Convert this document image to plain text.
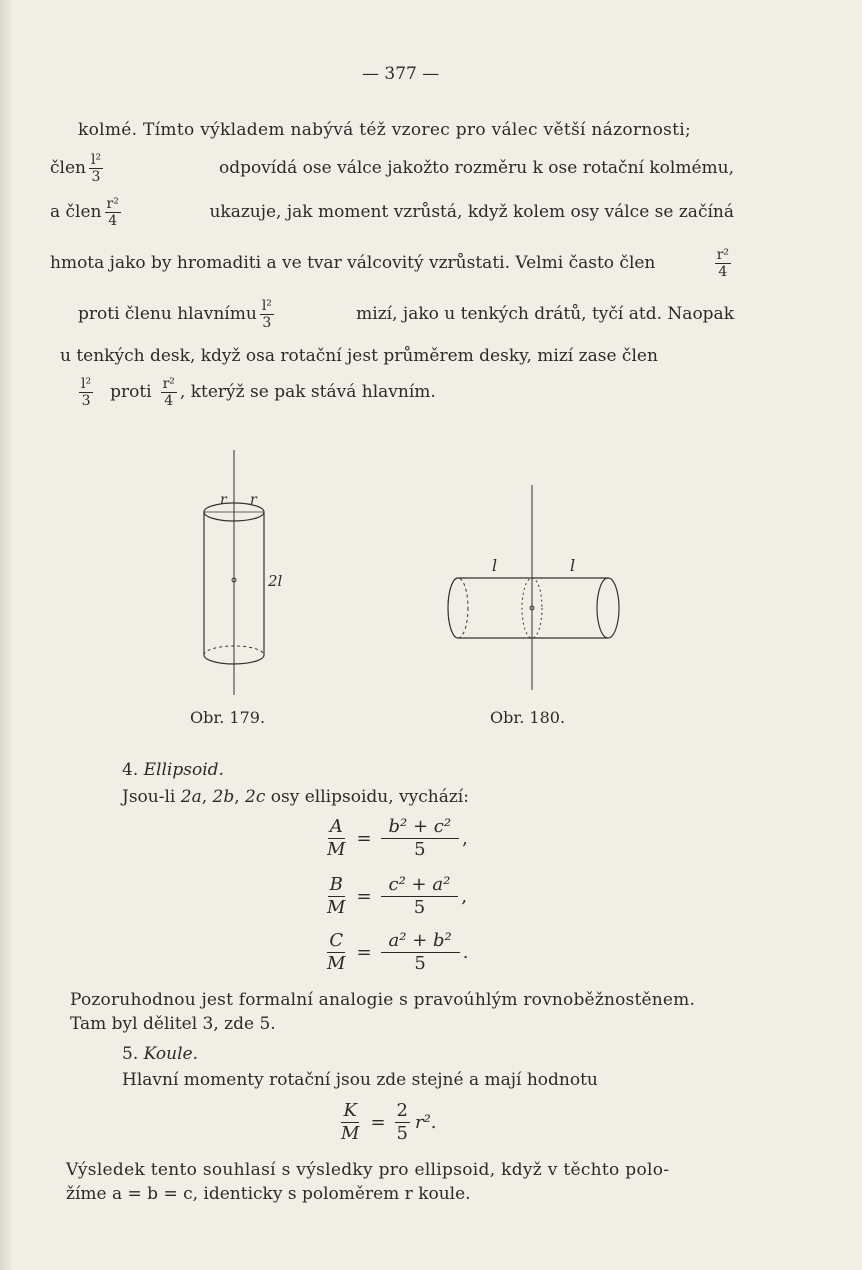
— 377 —
kolmé. Tímto výkladem nabývá též vzorec pro válec větší názornosti;
člen $\frac{\text{l²}}{3}$	odpovídá ose válce jakožto rozměru k ose rotační kolmému,
a člen $\frac{\text{r²}}{4}$	ukazuje, jak moment vzrůstá, když kolem osy válce se začíná
hmota jako by hromaditi a ve tvar válcovitý vzrůstati. Velmi často člen	$\frac{\text{r²}}{4}$
proti členu hlavnímu $\frac{\text{l²}}{3}$	mizí, jako u tenkých drátů, tyčí atd. Naopak
u tenkých desk, když osa rotační jest průměrem desky, mizí zase člen
$\frac{\text{l²}}{3}$ proti $\frac{\text{r²}}{4}$ , kterýž se pak stává hlavním.
r r
2l
Obr. 179.
l	l
Obr. 180.
4. Ellipsoid.
Jsou-li 2a, 2b, 2c osy ellipsoidu, vychází:
$\frac{A}{M} = \frac{\text{b² + c²}}{5}$ ,
$\frac{B}{M} = \frac{\text{c² + a²}}{5}$ ,
$\frac{C}{M} = \frac{\text{a² + b²}}{5}$ .
Pozoruhodnou jest formalní analogie s pravoúhlým rovnoběžnostěnem.
Tam byl dělitel 3, zde 5.
5. Koule.
Hlavní momenty rotační jsou zde stejné a mají hodnotu
$\frac{K}{M} = \frac{2}{5} r^2$.
Výsledek tento souhlasí s výsledky pro ellipsoid, když v těchto polo-
žíme a = b = c, identicky s poloměrem r koule.
